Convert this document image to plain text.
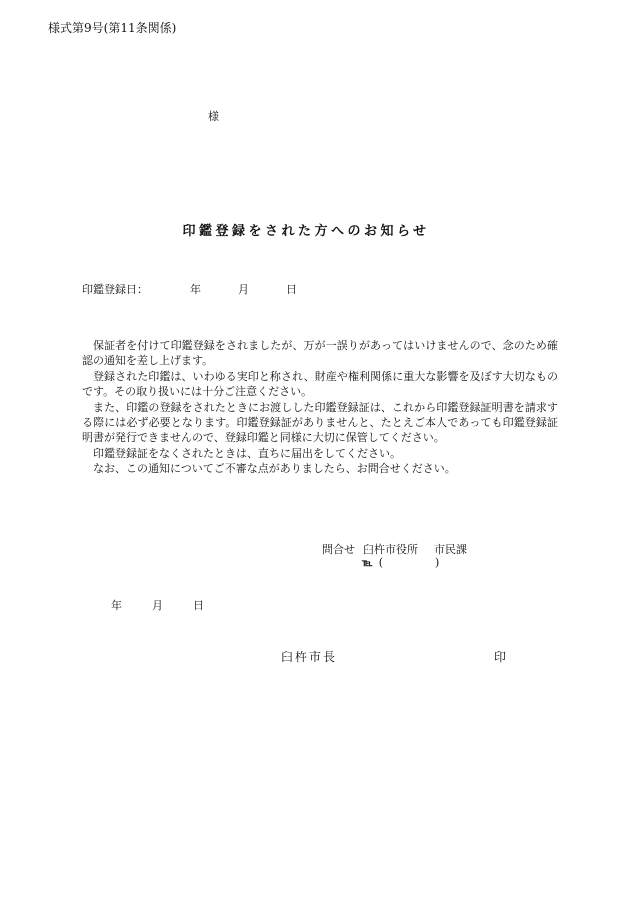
様式第9号(第11条関係)
様
印鑑登録をされた方へのお知らせ
印鑑登録日：	年	月	日

保証者を付けて印鑑登録をされましたが、万が一誤りがあってはいけませんので、念のため確認の通知を差し上げます。

登録された印鑑は、いわゆる実印と称され、財産や権利関係に重大な影響を及ぼす大切なものです。その取り扱いには十分ご注意ください。

また、印鑑の登録をされたときにお渡しした印鑑登録証は、これから印鑑登録証明書を請求する際には必ず必要となります。印鑑登録証がありませんと、たとえご本人であっても印鑑登録証明書が発行できませんので、登録印鑑と同様に大切に保管してください。

印鑑登録証をなくされたときは、直ちに届出をしてください。

なお、この通知についてご不審な点がありましたら、お問合せください。

問合せ 臼杵市役所 市民課
℡ (	)
年	月	日
臼杵市長	印
